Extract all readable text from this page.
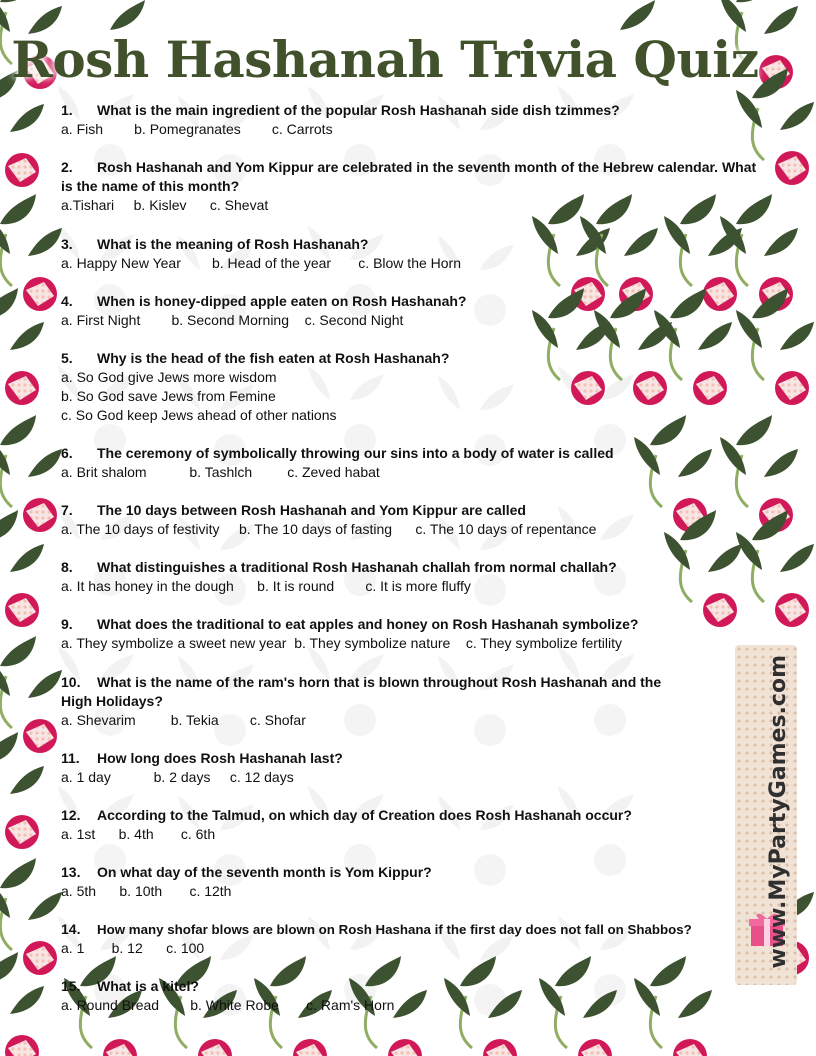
Rosh Hashanah Trivia Quiz
1. What is the main ingredient of the popular Rosh Hashanah side dish tzimmes?
a. Fish b. Pomegranates c. Carrots
2. Rosh Hashanah and Yom Kippur are celebrated in the seventh month of the Hebrew calendar. What is the name of this month?
a.Tishari b. Kislev c. Shevat
3. What is the meaning of Rosh Hashanah?
a. Happy New Year b. Head of the year c. Blow the Horn
4. When is honey-dipped apple eaten on Rosh Hashanah?
a. First Night b. Second Morning c. Second Night
5. Why is the head of the fish eaten at Rosh Hashanah?
a. So God give Jews more wisdom
b. So God save Jews from Femine
c. So God keep Jews ahead of other nations
6. The ceremony of symbolically throwing our sins into a body of water is called
a. Brit shalom	b. Tashlch	c. Zeved habat
7. The 10 days between Rosh Hashanah and Yom Kippur are called
a. The 10 days of festivity b. The 10 days of fasting c. The 10 days of repentance
8. What distinguishes a traditional Rosh Hashanah challah from normal challah?
a. It has honey in the dough b. It is round c. It is more fluffy
9. What does the traditional to eat apples and honey on Rosh Hashanah symbolize?
a. They symbolize a sweet new year b. They symbolize nature c. They symbolize fertility
10. What is the name of the ram's horn that is blown throughout Rosh Hashanah and the High Holidays?
a. Shevarim	b. Tekia c. Shofar
11. How long does Rosh Hashanah last?
a. 1 day	b. 2 days c. 12 days
12. According to the Talmud, on which day of Creation does Rosh Hashanah occur?
a. 1st b. 4th c. 6th
13. On what day of the seventh month is Yom Kippur?
a. 5th b. 10th c. 12th
14. How many shofar blows are blown on Rosh Hashana if the first day does not fall on Shabbos?
a. 1 b. 12 c. 100
15. What is a kitel?
a. Round Bread b. White Robe c. Ram's Horn
www.MyPartyGames.com
